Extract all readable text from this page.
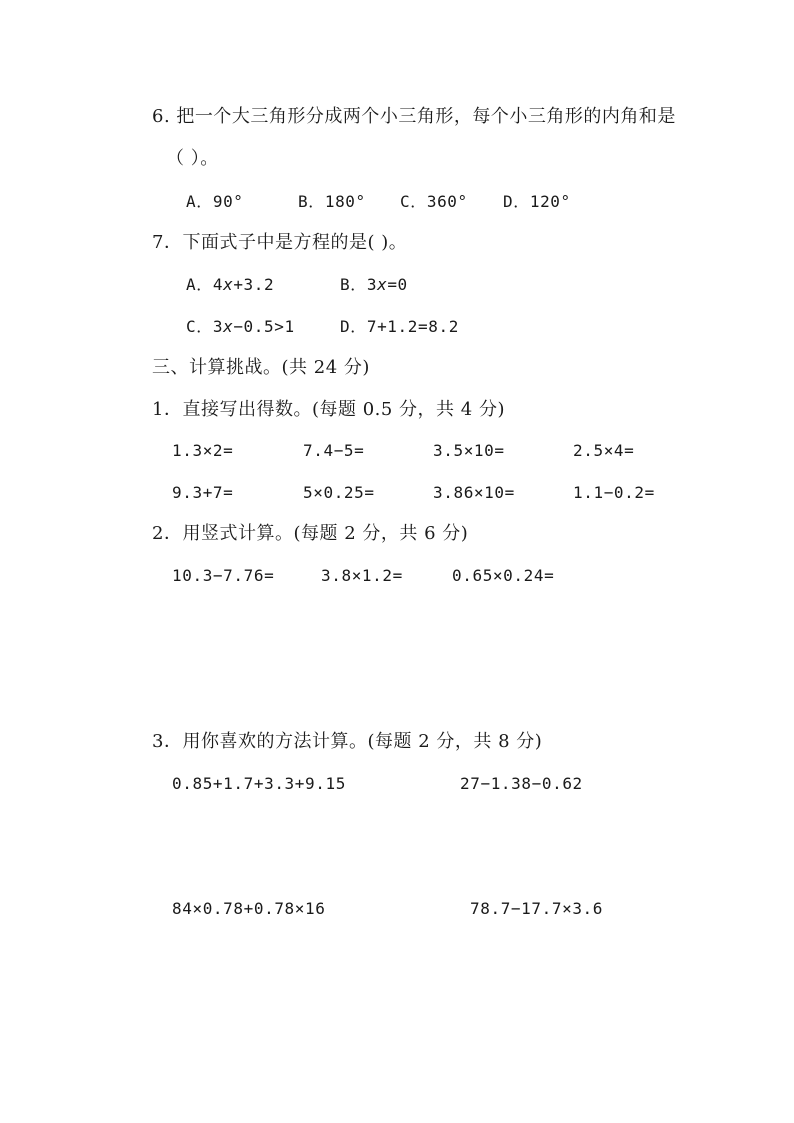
6. 把一个大三角形分成两个小三角形，每个小三角形的内角和是
（ ）。
A．90°	B．180° C．360° D．120°
7．下面式子中是方程的是( )。
A．4x+3.2	B．3x=0
C．3x−0.5>1	D．7+1.2=8.2
三、计算挑战。(共 24 分)
1．直接写出得数。(每题 0.5 分，共 4 分)
1.3×2=	7.4−5=	3.5×10=	2.5×4=
9.3+7=	5×0.25=	3.86×10=	1.1−0.2=
2．用竖式计算。(每题 2 分，共 6 分)
10.3−7.76=	3.8×1.2=	0.65×0.24=
3．用你喜欢的方法计算。(每题 2 分，共 8 分)
0.85+1.7+3.3+9.15	27−1.38−0.62
84×0.78+0.78×16	78.7−17.7×3.6
